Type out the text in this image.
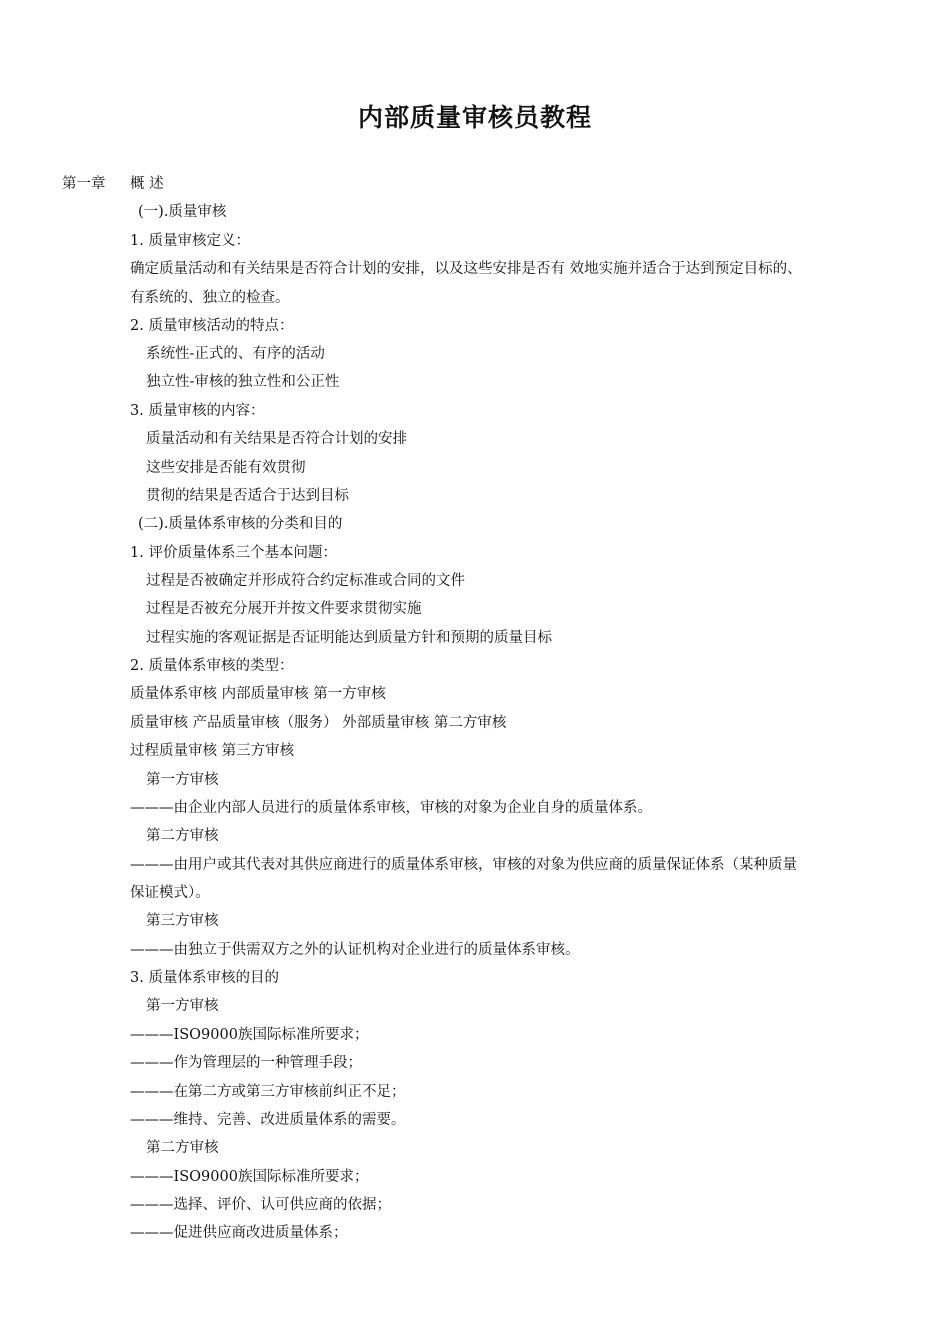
内部质量审核员教程
第一章 概 述
(一).质量审核
1. 质量审核定义：
确定质量活动和有关结果是否符合计划的安排，以及这些安排是否有 效地实施并适合于达到预定目标的、
有系统的、独立的检查。
2. 质量审核活动的特点：
系统性-正式的、有序的活动
独立性-审核的独立性和公正性
3. 质量审核的内容：
质量活动和有关结果是否符合计划的安排
这些安排是否能有效贯彻
贯彻的结果是否适合于达到目标
(二).质量体系审核的分类和目的
1. 评价质量体系三个基本问题：
过程是否被确定并形成符合约定标准或合同的文件
过程是否被充分展开并按文件要求贯彻实施
过程实施的客观证据是否证明能达到质量方针和预期的质量目标
2. 质量体系审核的类型：
质量体系审核 内部质量审核 第一方审核
质量审核 产品质量审核（服务） 外部质量审核 第二方审核
过程质量审核 第三方审核
第一方审核
———由企业内部人员进行的质量体系审核，审核的对象为企业自身的质量体系。
第二方审核
———由用户或其代表对其供应商进行的质量体系审核，审核的对象为供应商的质量保证体系（某种质量
保证模式）。
第三方审核
———由独立于供需双方之外的认证机构对企业进行的质量体系审核。
3. 质量体系审核的目的
第一方审核
———ISO9000族国际标准所要求；
———作为管理层的一种管理手段；
———在第二方或第三方审核前纠正不足；
———维持、完善、改进质量体系的需要。
第二方审核
———ISO9000族国际标准所要求；
———选择、评价、认可供应商的依据；
———促进供应商改进质量体系；
